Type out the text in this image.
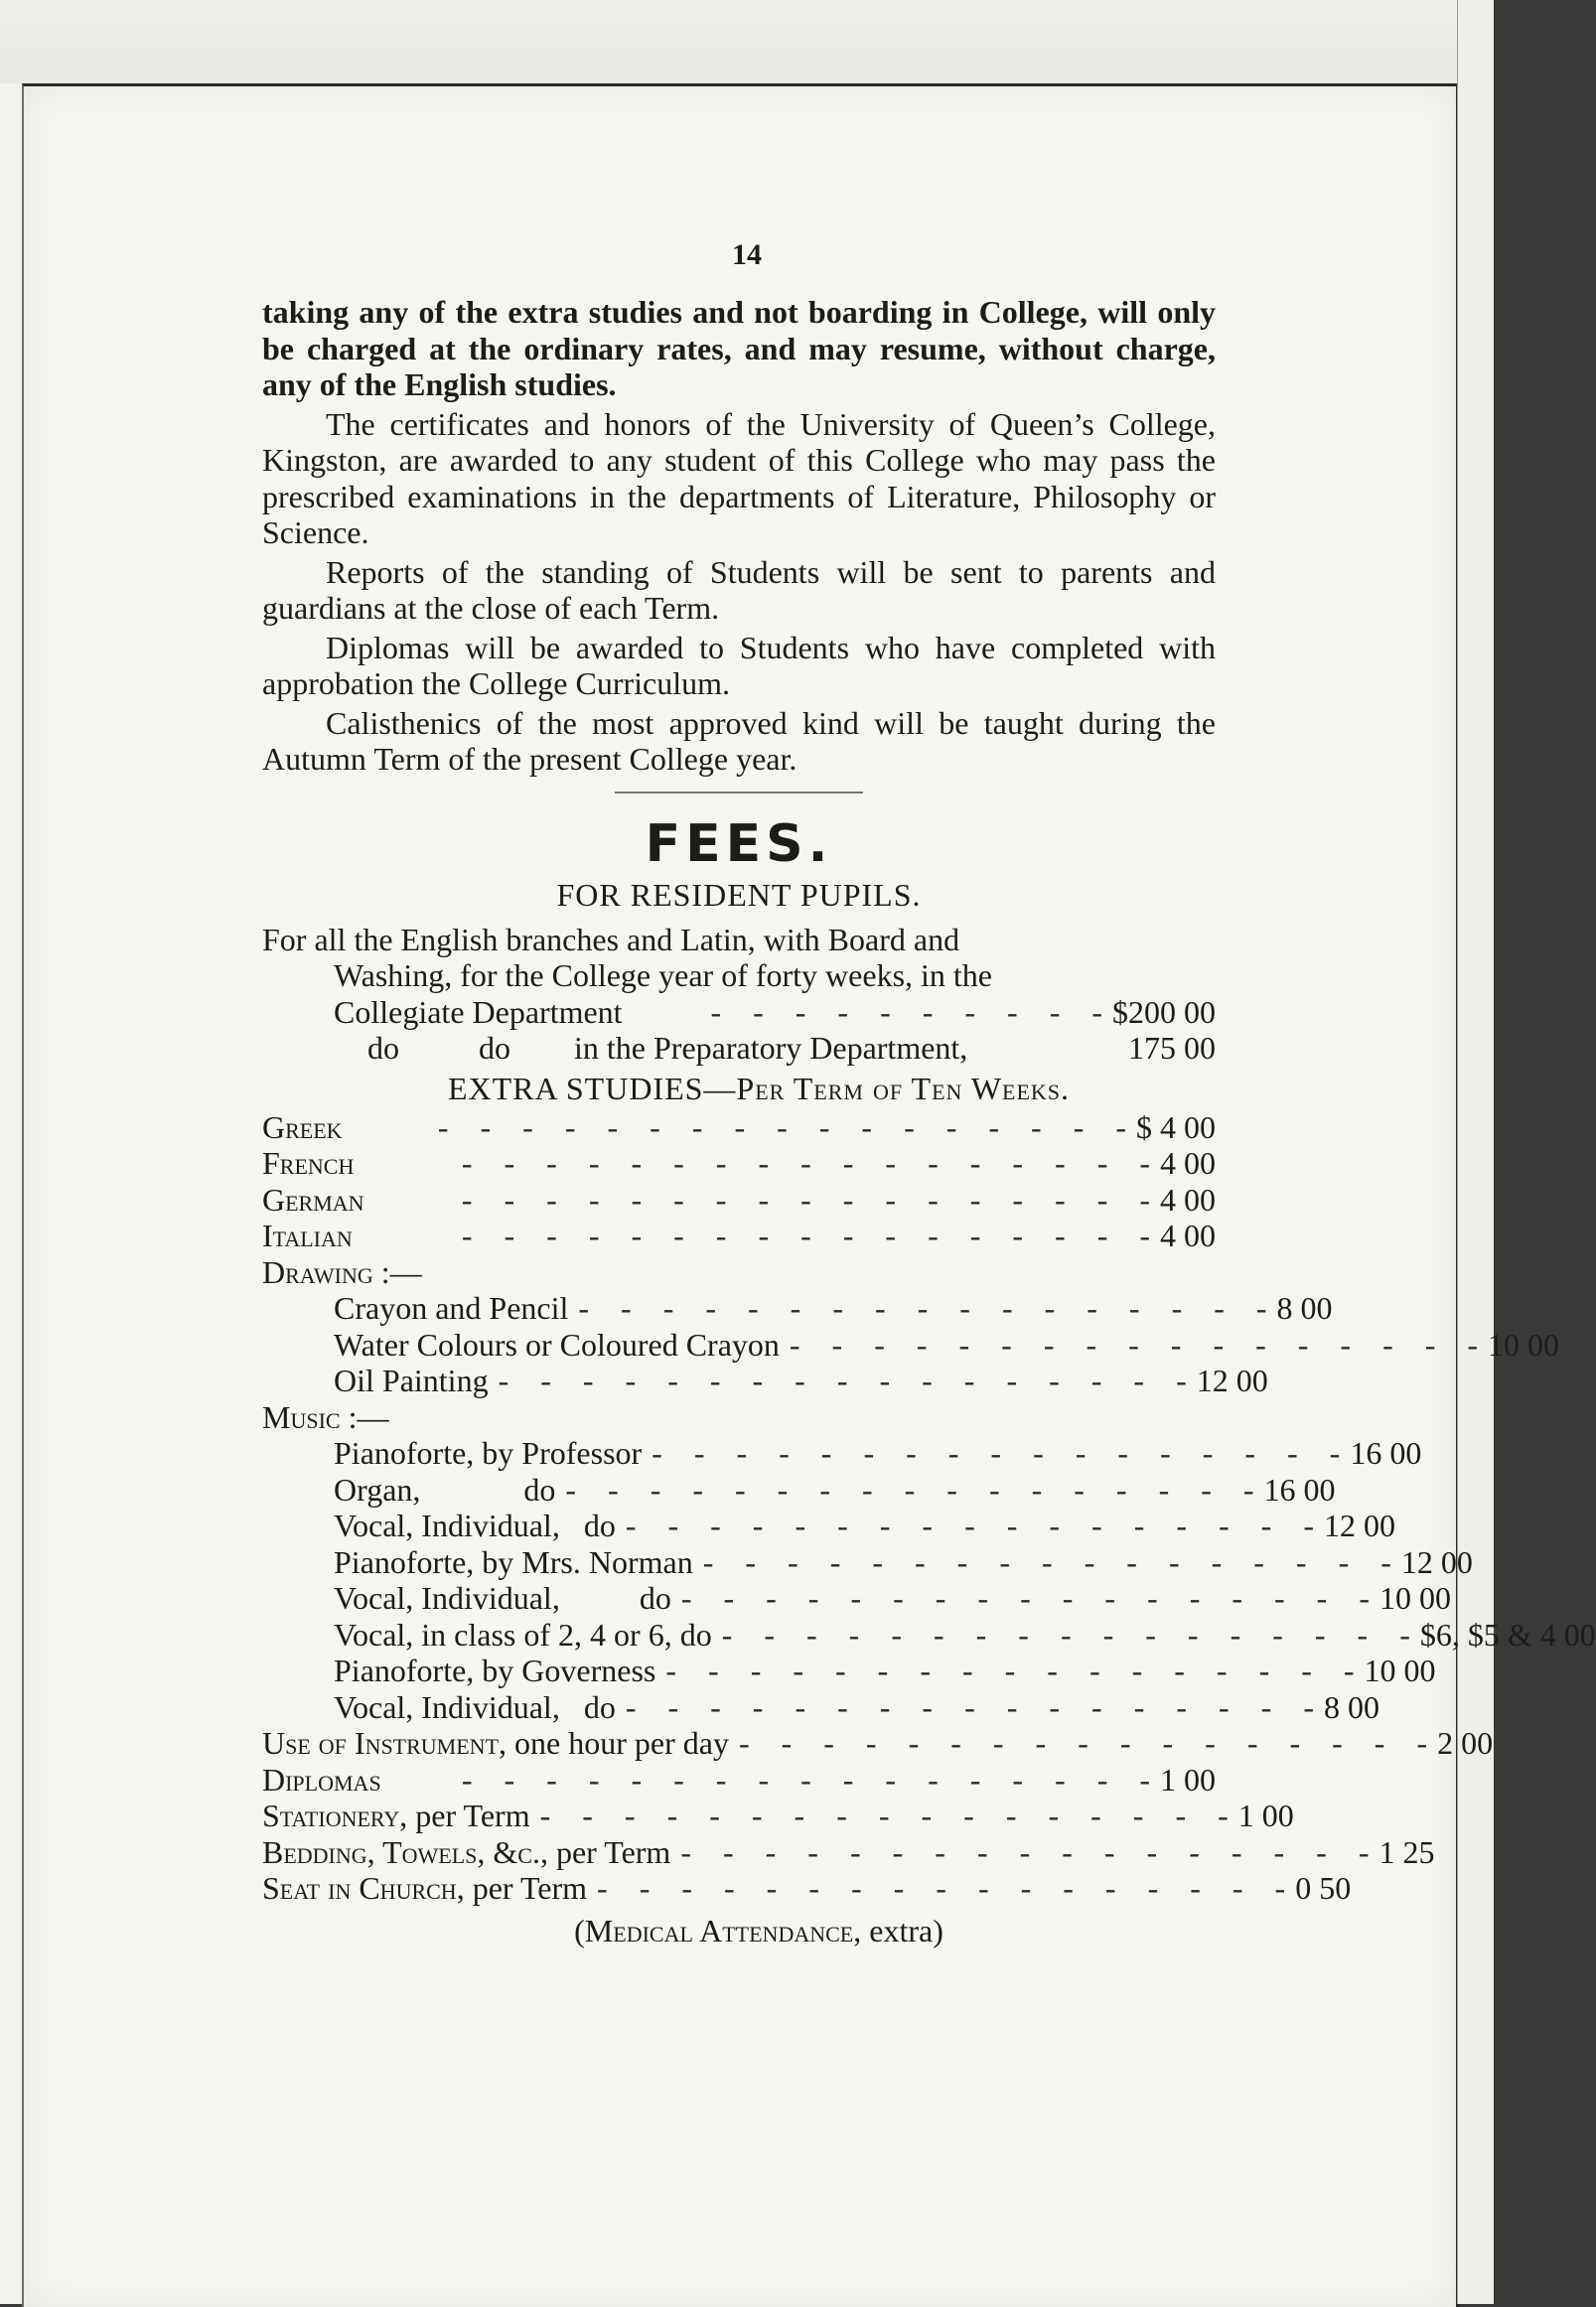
14

taking any of the extra studies and not boarding in College, will only be charged at the ordinary rates, and may resume, without charge, any of the English studies.

The certificates and honors of the University of Queen’s College, Kingston, are awarded to any student of this College who may pass the prescribed examinations in the departments of Literature, Philosophy or Science.

Reports of the standing of Students will be sent to parents and guardians at the close of each Term.

Diplomas will be awarded to Students who have completed with approbation the College Curriculum.

Calisthenics of the most approved kind will be taught during the Autumn Term of the present College year.

FEES.
FOR RESIDENT PUPILS.
For all the English branches and Latin, with Board and
Washing, for the College year of forty weeks, in the
Collegiate Department	-    -    -    -    -    -    -    -    -    - $200 00
do          do        in the Preparatory Department,	175 00
EXTRA STUDIES—Per Term of Ten Weeks.
Greek	-    -    -    -    -    -    -    -    -    -    -    -    -    -    -    -    - $ 4 00
French	-    -    -    -    -    -    -    -    -    -    -    -    -    -    -    -    - 4 00
German	-    -    -    -    -    -    -    -    -    -    -    -    -    -    -    -    - 4 00
Italian	-    -    -    -    -    -    -    -    -    -    -    -    -    -    -    -    - 4 00
Drawing :—
Crayon and Pencil -    -    -    -    -    -    -    -    -    -    -    -    -    -    -    -    - 8 00
Water Colours or Coloured Crayon -    -    -    -    -    -    -    -    -    -    -    -    -    -    -    -    - 10 00
Oil Painting -    -    -    -    -    -    -    -    -    -    -    -    -    -    -    -    - 12 00
Music :—
Pianoforte, by Professor -    -    -    -    -    -    -    -    -    -    -    -    -    -    -    -    - 16 00
Organ,             do -    -    -    -    -    -    -    -    -    -    -    -    -    -    -    -    - 16 00
Vocal, Individual,   do -    -    -    -    -    -    -    -    -    -    -    -    -    -    -    -    - 12 00
Pianoforte, by Mrs. Norman -    -    -    -    -    -    -    -    -    -    -    -    -    -    -    -    - 12 00
Vocal, Individual,          do -    -    -    -    -    -    -    -    -    -    -    -    -    -    -    -    - 10 00
Vocal, in class of 2, 4 or 6, do -    -    -    -    -    -    -    -    -    -    -    -    -    -    -    -    - $6, $5 & 4 00
Pianoforte, by Governess -    -    -    -    -    -    -    -    -    -    -    -    -    -    -    -    - 10 00
Vocal, Individual,   do -    -    -    -    -    -    -    -    -    -    -    -    -    -    -    -    - 8 00
Use of Instrument, one hour per day -    -    -    -    -    -    -    -    -    -    -    -    -    -    -    -    - 2 00
Diplomas	-    -    -    -    -    -    -    -    -    -    -    -    -    -    -    -    - 1 00
Stationery, per Term -    -    -    -    -    -    -    -    -    -    -    -    -    -    -    -    - 1 00
Bedding, Towels, &c., per Term -    -    -    -    -    -    -    -    -    -    -    -    -    -    -    -    - 1 25
Seat in Church, per Term -    -    -    -    -    -    -    -    -    -    -    -    -    -    -    -    - 0 50
(Medical Attendance, extra)
